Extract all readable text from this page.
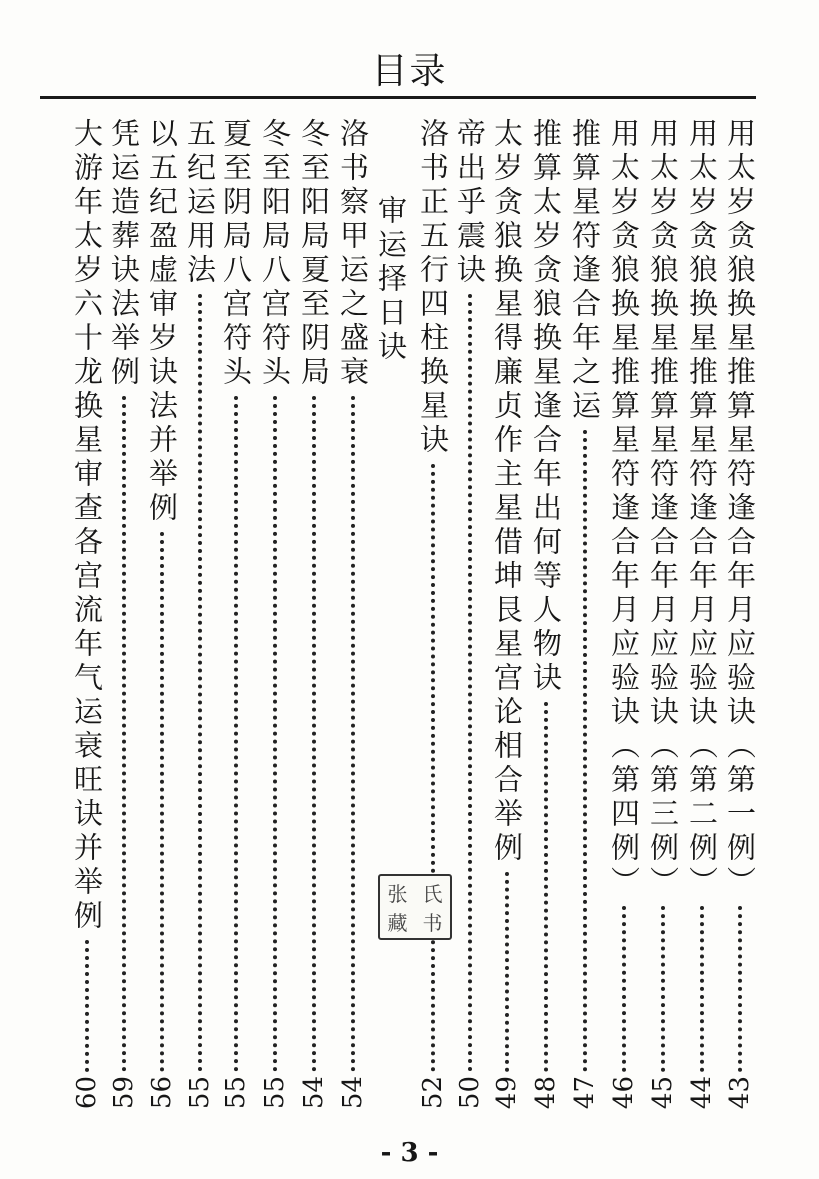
目录
用太岁贪狼换星推算星符逢合年月应验诀（第一例）
43
用太岁贪狼换星推算星符逢合年月应验诀（第二例）
44
用太岁贪狼换星推算星符逢合年月应验诀（第三例）
45
用太岁贪狼换星推算星符逢合年月应验诀（第四例）
46
推算星符逢合年之运
47
推算太岁贪狼换星逢合年出何等人物诀
48
太岁贪狼换星得廉贞作主星借坤艮星宫论相合举例
49
帝出乎震诀
50
洛书正五行四柱换星诀
52
审运择日诀
洛书察甲运之盛衰
54
冬至阳局夏至阴局
54
冬至阳局八宫符头
55
夏至阴局八宫符头
55
五纪运用法
55
以五纪盈虚审岁诀法并举例
56
凭运造葬诀法举例
59
大游年太岁六十龙换星审查各宫流年气运衰旺诀并举例
60
张 氏
藏 书
- 3 -
